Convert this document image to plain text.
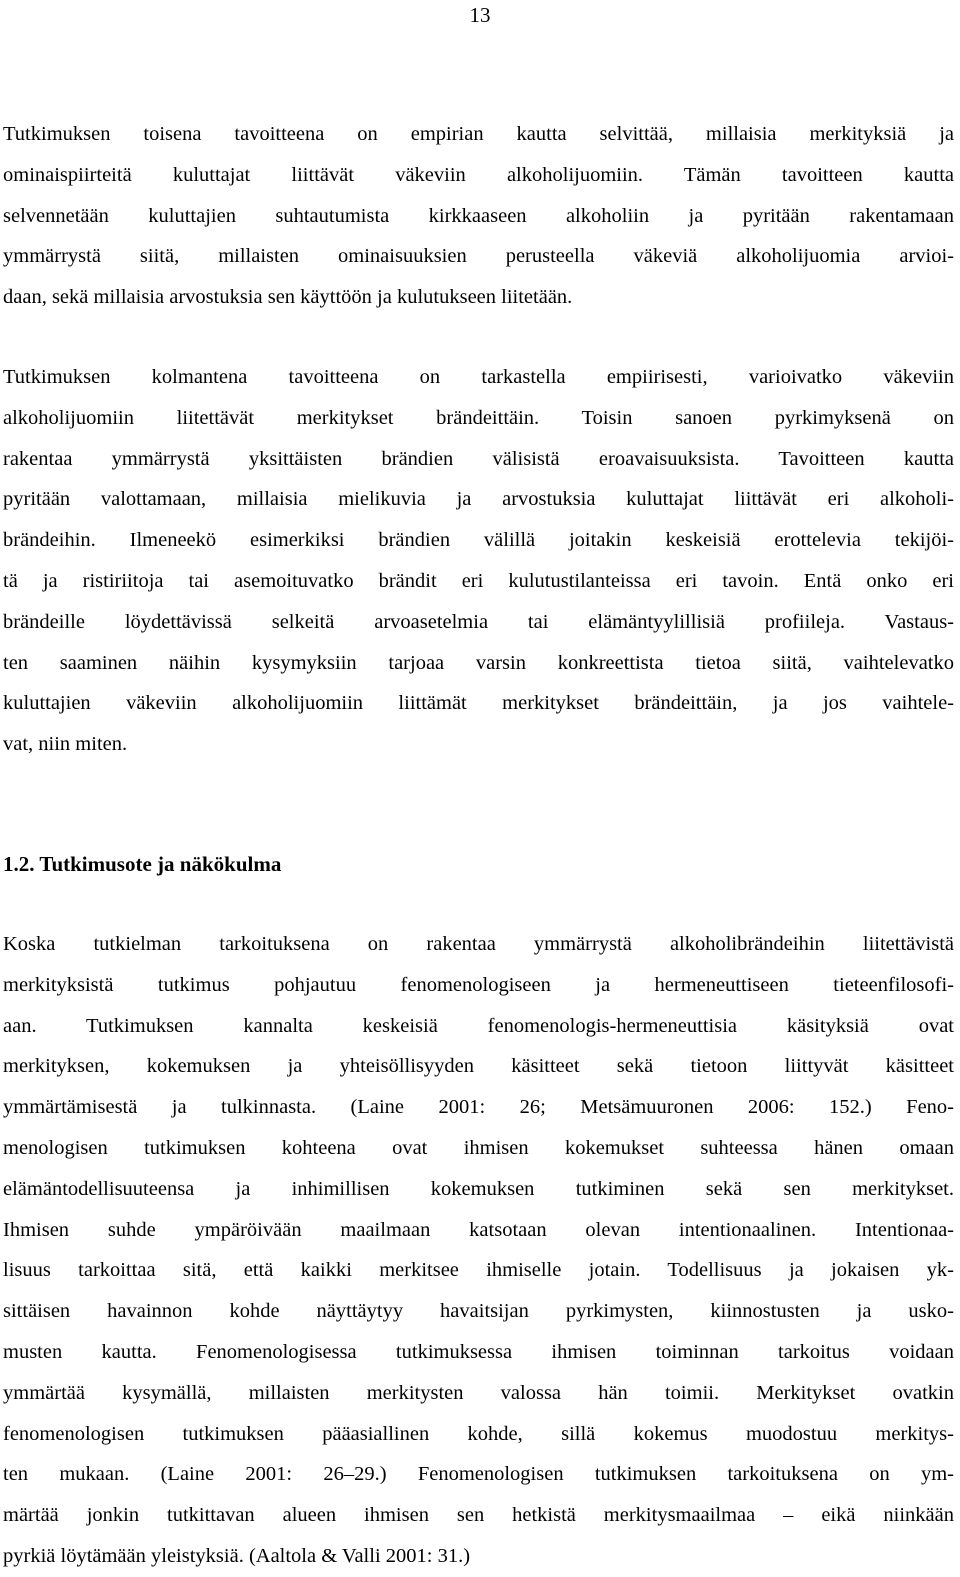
13

Tutkimuksen toisena tavoitteena on empirian kautta selvittää, millaisia merkityksiä ja
ominaispiirteitä kuluttajat liittävät väkeviin alkoholijuomiin. Tämän tavoitteen kautta
selvennetään kuluttajien suhtautumista kirkkaaseen alkoholiin ja pyritään rakentamaan
ymmärrystä siitä, millaisten ominaisuuksien perusteella väkeviä alkoholijuomia arvioi-
daan, sekä millaisia arvostuksia sen käyttöön ja kulutukseen liitetään.

Tutkimuksen kolmantena tavoitteena on tarkastella empiirisesti, varioivatko väkeviin
alkoholijuomiin liitettävät merkitykset brändeittäin. Toisin sanoen pyrkimyksenä on
rakentaa ymmärrystä yksittäisten brändien välisistä eroavaisuuksista. Tavoitteen kautta
pyritään valottamaan, millaisia mielikuvia ja arvostuksia kuluttajat liittävät eri alkoholi-
brändeihin. Ilmeneekö esimerkiksi brändien välillä joitakin keskeisiä erottelevia tekijöi-
tä ja ristiriitoja tai asemoituvatko brändit eri kulutustilanteissa eri tavoin. Entä onko eri
brändeille löydettävissä selkeitä arvoasetelmia tai elämäntyylillisiä profiileja. Vastaus-
ten saaminen näihin kysymyksiin tarjoaa varsin konkreettista tietoa siitä, vaihtelevatko
kuluttajien väkeviin alkoholijuomiin liittämät merkitykset brändeittäin, ja jos vaihtele-
vat, niin miten.

1.2. Tutkimusote ja näkökulma

Koska tutkielman tarkoituksena on rakentaa ymmärrystä alkoholibrändeihin liitettävistä
merkityksistä tutkimus pohjautuu fenomenologiseen ja hermeneuttiseen tieteenfilosofi-
aan. Tutkimuksen kannalta keskeisiä fenomenologis-hermeneuttisia käsityksiä ovat
merkityksen, kokemuksen ja yhteisöllisyyden käsitteet sekä tietoon liittyvät käsitteet
ymmärtämisestä ja tulkinnasta. (Laine 2001: 26; Metsämuuronen 2006: 152.) Feno-
menologisen tutkimuksen kohteena ovat ihmisen kokemukset suhteessa hänen omaan
elämäntodellisuuteensa ja inhimillisen kokemuksen tutkiminen sekä sen merkitykset.
Ihmisen suhde ympäröivään maailmaan katsotaan olevan intentionaalinen. Intentionaa-
lisuus tarkoittaa sitä, että kaikki merkitsee ihmiselle jotain. Todellisuus ja jokaisen yk-
sittäisen havainnon kohde näyttäytyy havaitsijan pyrkimysten, kiinnostusten ja usko-
musten kautta. Fenomenologisessa tutkimuksessa ihmisen toiminnan tarkoitus voidaan
ymmärtää kysymällä, millaisten merkitysten valossa hän toimii. Merkitykset ovatkin
fenomenologisen tutkimuksen pääasiallinen kohde, sillä kokemus muodostuu merkitys-
ten mukaan. (Laine 2001: 26–29.) Fenomenologisen tutkimuksen tarkoituksena on ym-
märtää jonkin tutkittavan alueen ihmisen sen hetkistä merkitysmaailmaa – eikä niinkään
pyrkiä löytämään yleistyksiä. (Aaltola & Valli 2001: 31.)
